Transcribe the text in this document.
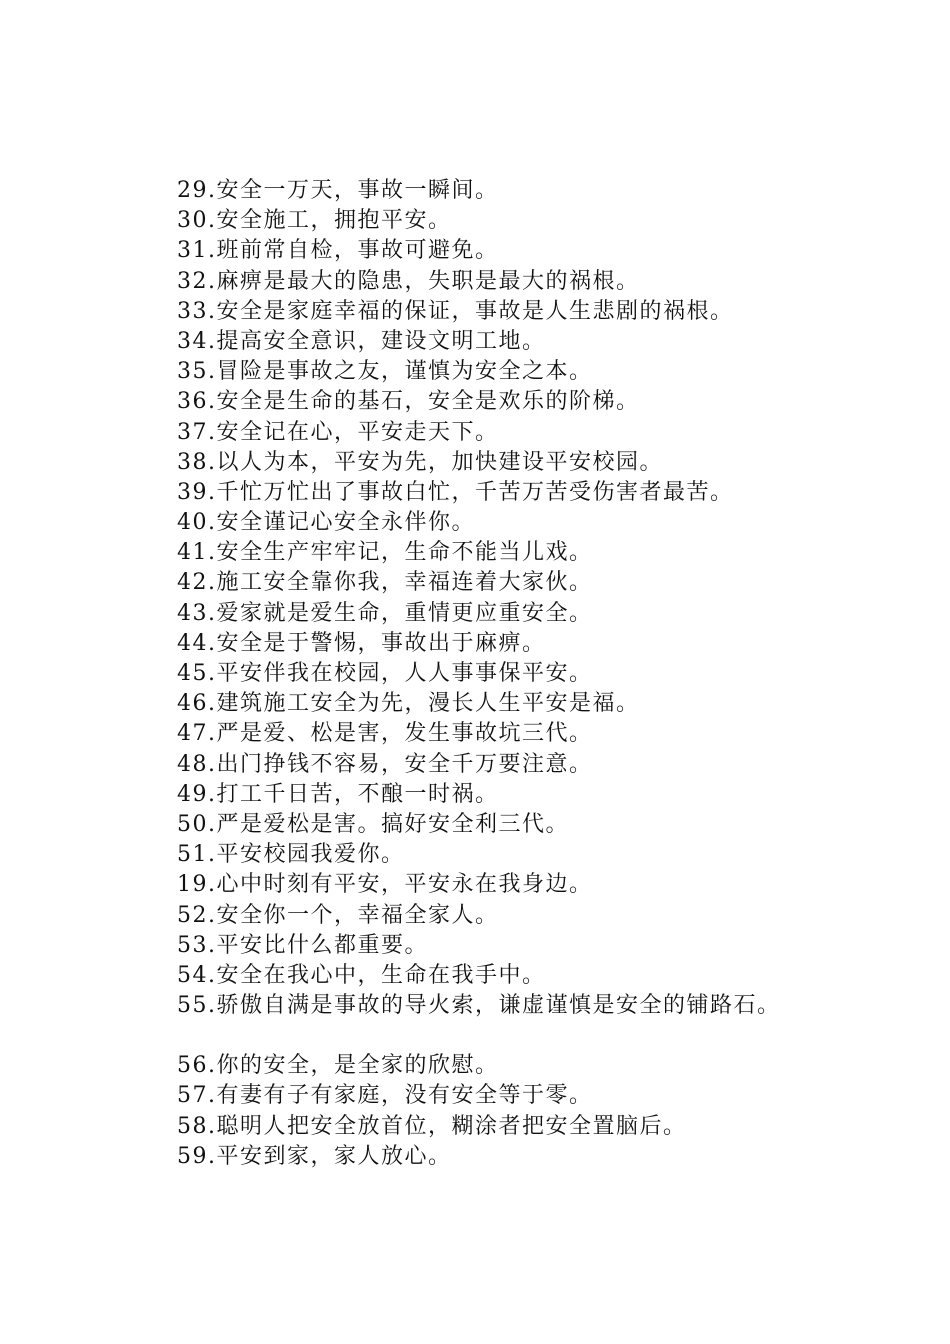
29.安全一万天，事故一瞬间。
30.安全施工，拥抱平安。
31.班前常自检，事故可避免。
32.麻痹是最大的隐患，失职是最大的祸根。
33.安全是家庭幸福的保证，事故是人生悲剧的祸根。
34.提高安全意识，建设文明工地。
35.冒险是事故之友，谨慎为安全之本。
36.安全是生命的基石，安全是欢乐的阶梯。
37.安全记在心，平安走天下。
38.以人为本，平安为先，加快建设平安校园。
39.千忙万忙出了事故白忙，千苦万苦受伤害者最苦。
40.安全谨记心安全永伴你。
41.安全生产牢牢记，生命不能当儿戏。
42.施工安全靠你我，幸福连着大家伙。
43.爱家就是爱生命，重情更应重安全。
44.安全是于警惕，事故出于麻痹。
45.平安伴我在校园，人人事事保平安。
46.建筑施工安全为先，漫长人生平安是福。
47.严是爱、松是害，发生事故坑三代。
48.出门挣钱不容易，安全千万要注意。
49.打工千日苦，不酿一时祸。
50.严是爱松是害。搞好安全利三代。
51.平安校园我爱你。
19.心中时刻有平安，平安永在我身边。
52.安全你一个，幸福全家人。
53.平安比什么都重要。
54.安全在我心中，生命在我手中。
55.骄傲自满是事故的导火索，谦虚谨慎是安全的铺路石。
56.你的安全，是全家的欣慰。
57.有妻有子有家庭，没有安全等于零。
58.聪明人把安全放首位，糊涂者把安全置脑后。
59.平安到家，家人放心。
